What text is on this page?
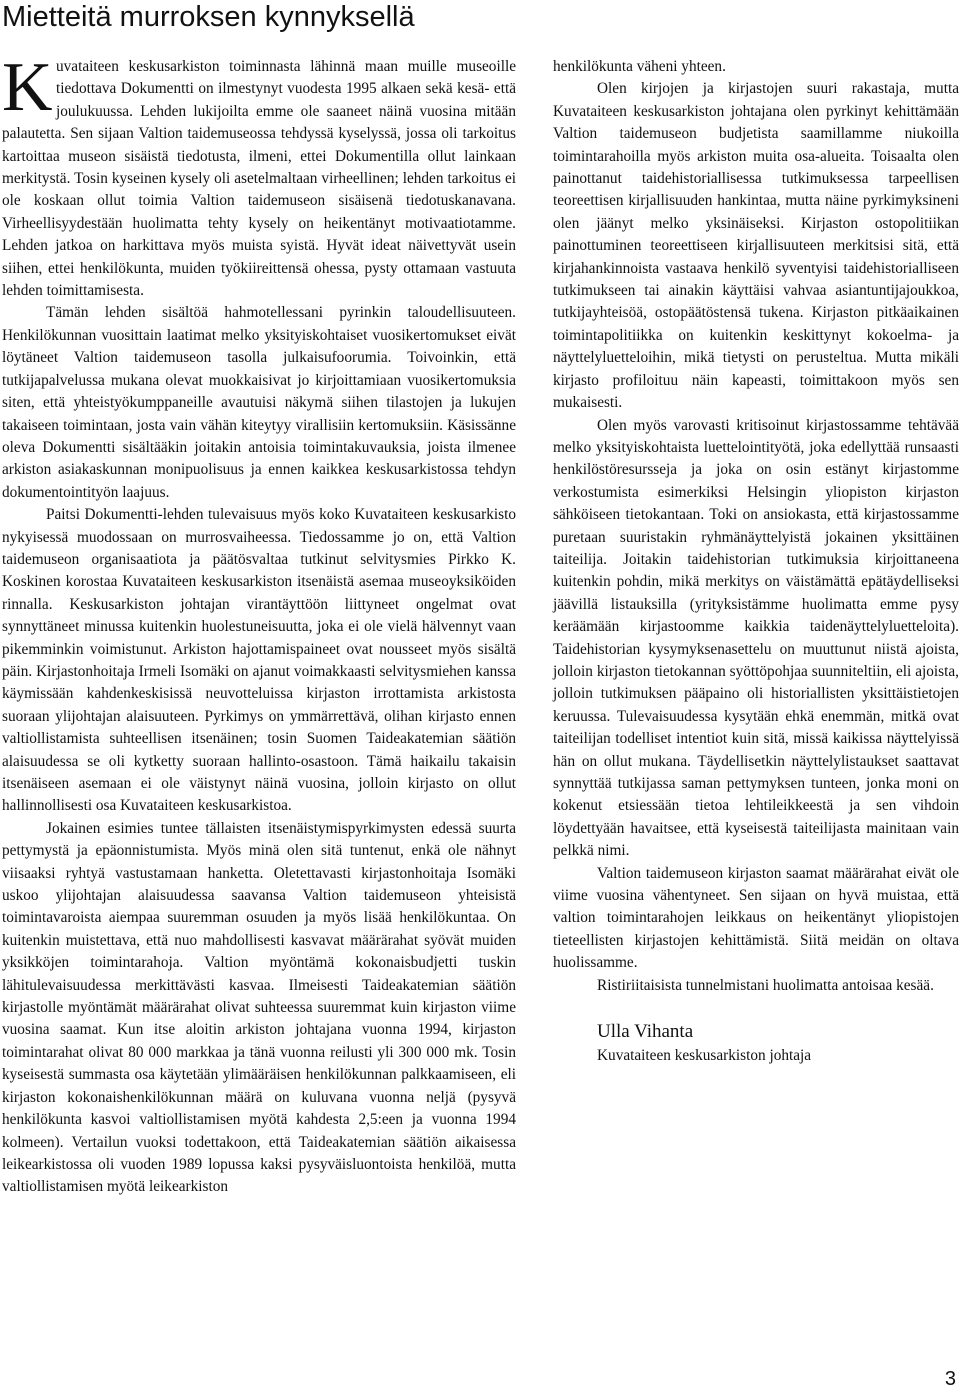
Mietteitä murroksen kynnyksellä

Kuvataiteen keskusarkiston toiminnasta lähinnä maan muille museoille tiedottava Dokumentti on ilmestynyt vuodesta 1995 alkaen sekä kesä- että joulukuussa. Lehden lukijoilta emme ole saaneet näinä vuosina mitään palautetta. Sen sijaan Valtion taidemuseossa tehdyssä kyselyssä, jossa oli tarkoitus kartoittaa museon sisäistä tiedotusta, ilmeni, ettei Dokumentilla ollut lainkaan merkitystä. Tosin kyseinen kysely oli asetelmaltaan virheellinen; lehden tarkoitus ei ole koskaan ollut toimia Valtion taidemuseon sisäisenä tiedotuskanavana. Virheellisyydestään huolimatta tehty kysely on heikentänyt motivaatiotamme. Lehden jatkoa on harkittava myös muista syistä. Hyvät ideat näivettyvät usein siihen, ettei henkilökunta, muiden työkiireittensä ohessa, pysty ottamaan vastuuta lehden toimittamisesta.

Tämän lehden sisältöä hahmotellessani pyrinkin taloudellisuuteen. Henkilökunnan vuosittain laatimat melko yksityiskohtaiset vuosikertomukset eivät löytäneet Valtion taidemuseon tasolla julkaisufoorumia. Toivoinkin, että tutkijapalvelussa mukana olevat muokkaisivat jo kirjoittamiaan vuosikertomuksia siten, että yhteistyökumppaneille avautuisi näkymä siihen tilastojen ja lukujen takaiseen toimintaan, josta vain vähän kiteytyy virallisiin kertomuksiin. Käsissänne oleva Dokumentti sisältääkin joitakin antoisia toimintakuvauksia, joista ilmenee arkiston asiakaskunnan monipuolisuus ja ennen kaikkea keskusarkistossa tehdyn dokumentointityön laajuus.

Paitsi Dokumentti-lehden tulevaisuus myös koko Kuvataiteen keskusarkisto nykyisessä muodossaan on murrosvaiheessa. Tiedossamme jo on, että Valtion taidemuseon organisaatiota ja päätösvaltaa tutkinut selvitysmies Pirkko K. Koskinen korostaa Kuvataiteen keskusarkiston itsenäistä asemaa museoyksiköiden rinnalla. Keskusarkiston johtajan virantäyttöön liittyneet ongelmat ovat synnyttäneet minussa kuitenkin huolestuneisuutta, joka ei ole vielä hälvennyt vaan pikemminkin voimistunut. Arkiston hajottamispaineet ovat nousseet myös sisältä päin. Kirjastonhoitaja Irmeli Isomäki on ajanut voimakkaasti selvitysmiehen kanssa käymissään kahdenkeskisissä neuvotteluissa kirjaston irrottamista arkistosta suoraan ylijohtajan alaisuuteen. Pyrkimys on ymmärrettävä, olihan kirjasto ennen valtiollistamista suhteellisen itsenäinen; tosin Suomen Taideakatemian säätiön alaisuudessa se oli kytketty suoraan hallinto-osastoon. Tämä haikailu takaisin itsenäiseen asemaan ei ole väistynyt näinä vuosina, jolloin kirjasto on ollut hallinnollisesti osa Kuvataiteen keskusarkistoa.

Jokainen esimies tuntee tällaisten itsenäistymispyrkimysten edessä suurta pettymystä ja epäonnistumista. Myös minä olen sitä tuntenut, enkä ole nähnyt viisaaksi ryhtyä vastustamaan hanketta. Oletettavasti kirjastonhoitaja Isomäki uskoo ylijohtajan alaisuudessa saavansa Valtion taidemuseon yhteisistä toimintavaroista aiempaa suuremman osuuden ja myös lisää henkilökuntaa. On kuitenkin muistettava, että nuo mahdollisesti kasvavat määrärahat syövät muiden yksikköjen toimintarahoja. Valtion myöntämä kokonaisbudjetti tuskin lähitulevaisuudessa merkittävästi kasvaa. Ilmeisesti Taideakatemian säätiön kirjastolle myöntämät määrärahat olivat suhteessa suuremmat kuin kirjaston viime vuosina saamat. Kun itse aloitin arkiston johtajana vuonna 1994, kirjaston toimintarahat olivat 80 000 markkaa ja tänä vuonna reilusti yli 300 000 mk. Tosin kyseisestä summasta osa käytetään ylimääräisen henkilökunnan palkkaamiseen, eli kirjaston kokonaishenkilökunnan määrä on kuluvana vuonna neljä (pysyvä henkilökunta kasvoi valtiollistamisen myötä kahdesta 2,5:een ja vuonna 1994 kolmeen). Vertailun vuoksi todettakoon, että Taideakatemian säätiön aikaisessa leikearkistossa oli vuoden 1989 lopussa kaksi pysyväisluontoista henkilöä, mutta valtiollistamisen myötä leikearkiston

henkilökunta väheni yhteen.

Olen kirjojen ja kirjastojen suuri rakastaja, mutta Kuvataiteen keskusarkiston johtajana olen pyrkinyt kehittämään Valtion taidemuseon budjetista saamillamme niukoilla toimintarahoilla myös arkiston muita osa-alueita. Toisaalta olen painottanut taidehistoriallisessa tutkimuksessa tarpeellisen teoreettisen kirjallisuuden hankintaa, mutta näine pyrkimyksineni olen jäänyt melko yksinäiseksi. Kirjaston ostopolitiikan painottuminen teoreettiseen kirjallisuuteen merkitsisi sitä, että kirjahankinnoista vastaava henkilö syventyisi taidehistorialliseen tutkimukseen tai ainakin käyttäisi vahvaa asiantuntijajoukkoa, tutkijayhteisöä, ostopäätöstensä tukena. Kirjaston pitkäaikainen toimintapolitiikka on kuitenkin keskittynyt kokoelma- ja näyttelyluetteloihin, mikä tietysti on perusteltua. Mutta mikäli kirjasto profiloituu näin kapeasti, toimittakoon myös sen mukaisesti.

Olen myös varovasti kritisoinut kirjastossamme tehtävää melko yksityiskohtaista luettelointityötä, joka edellyttää runsaasti henkilöstöresursseja ja joka on osin estänyt kirjastomme verkostumista esimerkiksi Helsingin yliopiston kirjaston sähköiseen tietokantaan. Toki on ansiokasta, että kirjastossamme puretaan suuristakin ryhmänäyttelyistä jokainen yksittäinen taiteilija. Joitakin taidehistorian tutkimuksia kirjoittaneena kuitenkin pohdin, mikä merkitys on väistämättä epätäydelliseksi jäävillä listauksilla (yrityksistämme huolimatta emme pysy keräämään kirjastoomme kaikkia taidenäyttelyluetteloita). Taidehistorian kysymyksenasettelu on muuttunut niistä ajoista, jolloin kirjaston tietokannan syöttöpohjaa suunniteltiin, eli ajoista, jolloin tutkimuksen pääpaino oli historiallisten yksittäistietojen keruussa. Tulevaisuudessa kysytään ehkä enemmän, mitkä ovat taiteilijan todelliset intentiot kuin sitä, missä kaikissa näyttelyissä hän on ollut mukana. Täydellisetkin näyttelylistaukset saattavat synnyttää tutkijassa saman pettymyksen tunteen, jonka moni on kokenut etsiessään tietoa lehtileikkeestä ja sen vihdoin löydettyään havaitsee, että kyseisestä taiteilijasta mainitaan vain pelkkä nimi.

Valtion taidemuseon kirjaston saamat määrärahat eivät ole viime vuosina vähentyneet. Sen sijaan on hyvä muistaa, että valtion toimintarahojen leikkaus on heikentänyt yliopistojen tieteellisten kirjastojen kehittämistä. Siitä meidän on oltava huolissamme.

Ristiriitaisista tunnelmistani huolimatta antoisaa kesää.

Ulla Vihanta
Kuvataiteen keskusarkiston johtaja
3
